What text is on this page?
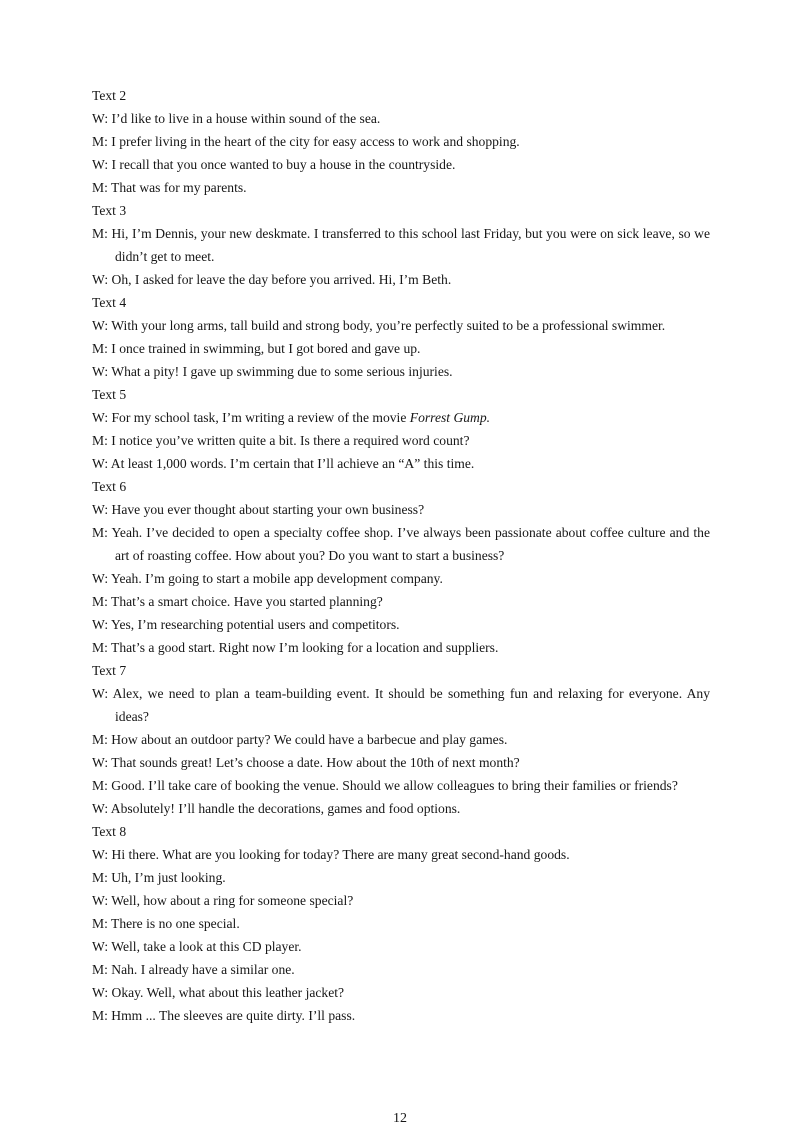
Text 2

W: I’d like to live in a house within sound of the sea.

M: I prefer living in the heart of the city for easy access to work and shopping.

W: I recall that you once wanted to buy a house in the countryside.

M: That was for my parents.

Text 3

M: Hi, I’m Dennis, your new deskmate. I transferred to this school last Friday, but you were on sick leave, so we didn’t get to meet.

W: Oh, I asked for leave the day before you arrived. Hi, I’m Beth.

Text 4

W: With your long arms, tall build and strong body, you’re perfectly suited to be a professional swimmer.

M: I once trained in swimming, but I got bored and gave up.

W: What a pity! I gave up swimming due to some serious injuries.

Text 5

W: For my school task, I’m writing a review of the movie Forrest Gump.

M: I notice you’ve written quite a bit. Is there a required word count?

W: At least 1,000 words. I’m certain that I’ll achieve an “A” this time.

Text 6

W: Have you ever thought about starting your own business?

M: Yeah. I’ve decided to open a specialty coffee shop. I’ve always been passionate about coffee culture and the art of roasting coffee. How about you? Do you want to start a business?

W: Yeah. I’m going to start a mobile app development company.

M: That’s a smart choice. Have you started planning?

W: Yes, I’m researching potential users and competitors.

M: That’s a good start. Right now I’m looking for a location and suppliers.

Text 7

W: Alex, we need to plan a team-building event. It should be something fun and relaxing for everyone. Any ideas?

M: How about an outdoor party? We could have a barbecue and play games.

W: That sounds great! Let’s choose a date. How about the 10th of next month?

M: Good. I’ll take care of booking the venue. Should we allow colleagues to bring their families or friends?

W: Absolutely! I’ll handle the decorations, games and food options.

Text 8

W: Hi there. What are you looking for today? There are many great second-hand goods.

M: Uh, I’m just looking.

W: Well, how about a ring for someone special?

M: There is no one special.

W: Well, take a look at this CD player.

M: Nah. I already have a similar one.

W: Okay. Well, what about this leather jacket?

M: Hmm ... The sleeves are quite dirty. I’ll pass.

12
